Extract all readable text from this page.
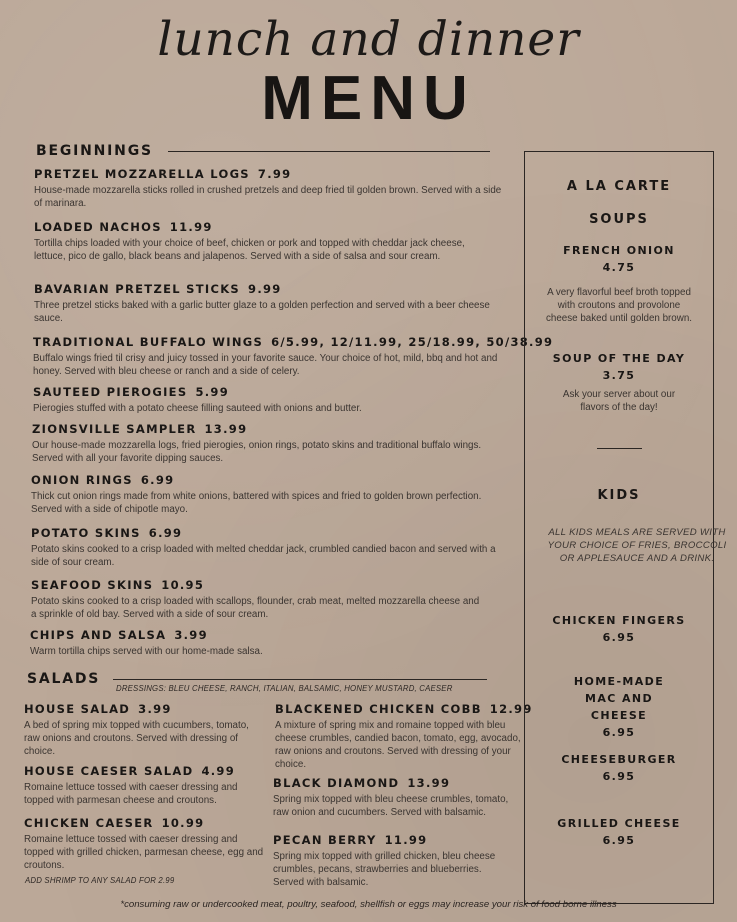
lunch and dinner
MENU
BEGINNINGS
PRETZEL MOZZARELLA LOGS 7.99
House-made mozzarella sticks rolled in crushed pretzels and deep fried til golden brown. Served with a side of marinara.
LOADED NACHOS 11.99
Tortilla chips loaded with your choice of beef, chicken or pork and topped with cheddar jack cheese, lettuce, pico de gallo, black beans and jalapenos. Served with a side of salsa and sour cream.
BAVARIAN PRETZEL STICKS 9.99
Three pretzel sticks baked with a garlic butter glaze to a golden perfection and served with a beer cheese sauce.
TRADITIONAL BUFFALO WINGS 6/5.99, 12/11.99, 25/18.99, 50/38.99
Buffalo wings fried til crisy and juicy tossed in your favorite sauce. Your choice of hot, mild, bbq and hot and honey. Served with bleu cheese or ranch and a side of celery.
SAUTEED PIEROGIES 5.99
Pierogies stuffed with a potato cheese filling sauteed with onions and butter.
ZIONSVILLE SAMPLER 13.99
Our house-made mozzarella logs, fried pierogies, onion rings, potato skins and traditional buffalo wings. Served with all your favorite dipping sauces.
ONION RINGS 6.99
Thick cut onion rings made from white onions, battered with spices and fried to golden brown perfection. Served with a side of chipotle mayo.
POTATO SKINS 6.99
Potato skins cooked to a crisp loaded with melted cheddar jack, crumbled candied bacon and served with a side of sour cream.
SEAFOOD SKINS 10.95
Potato skins cooked to a crisp loaded with scallops, flounder, crab meat, melted mozzarella cheese and a sprinkle of old bay. Served with a side of sour cream.
CHIPS AND SALSA 3.99
Warm tortilla chips served with our home-made salsa.
SALADS
DRESSINGS: BLEU CHEESE, RANCH, ITALIAN, BALSAMIC, HONEY MUSTARD, CAESER
HOUSE SALAD 3.99
A bed of spring mix topped with cucumbers, tomato, raw onions and croutons. Served with dressing of choice.
HOUSE CAESER SALAD 4.99
Romaine lettuce tossed with caeser dressing and topped with parmesan cheese and croutons.
CHICKEN CAESER 10.99
Romaine lettuce tossed with caeser dressing and topped with grilled chicken, parmesan cheese, egg and croutons.
ADD SHRIMP TO ANY SALAD FOR 2.99
BLACKENED CHICKEN COBB 12.99
A mixture of spring mix and romaine topped with bleu cheese crumbles, candied bacon, tomato, egg, avocado, raw onions and croutons. Served with dressing of your choice.
BLACK DIAMOND 13.99
Spring mix topped with bleu cheese crumbles, tomato, raw onion and cucumbers. Served with balsamic.
PECAN BERRY 11.99
Spring mix topped with grilled chicken, bleu cheese crumbles, pecans, strawberries and blueberries. Served with balsamic.
A LA CARTE
SOUPS
FRENCH ONION
4.75
A very flavorful beef broth topped with croutons and provolone cheese baked until golden brown.
SOUP OF THE DAY
3.75
Ask your server about our flavors of the day!
KIDS
ALL KIDS MEALS ARE SERVED WITH YOUR CHOICE OF FRIES, BROCCOLI OR APPLESAUCE AND A DRINK.
CHICKEN FINGERS
6.95
HOME-MADE MAC AND CHEESE
6.95
CHEESEBURGER
6.95
GRILLED CHEESE
6.95
*consuming raw or undercooked meat, poultry, seafood, shellfish or eggs may increase your risk of food borne illness
